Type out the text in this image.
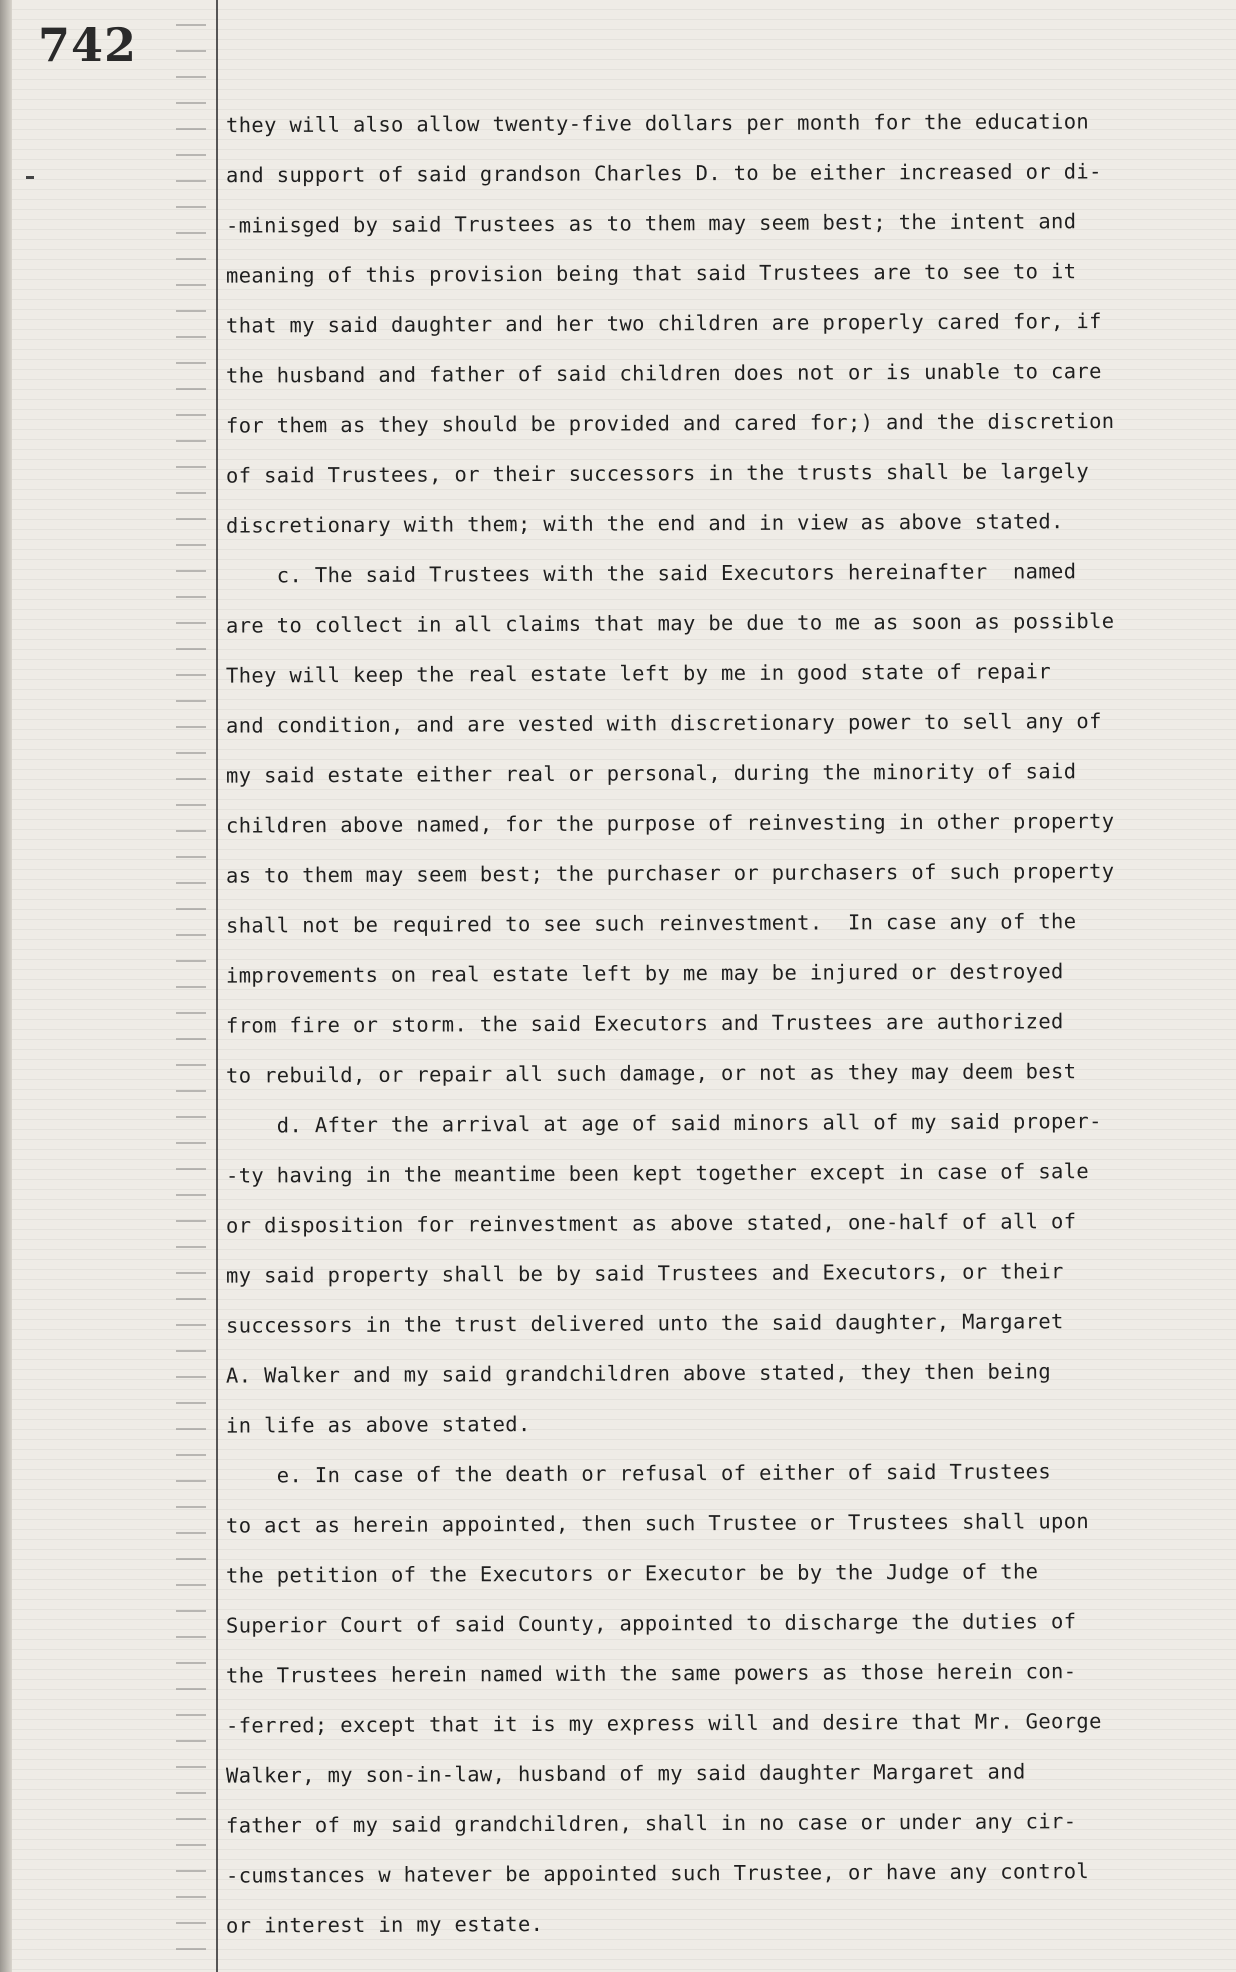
742
they will also allow twenty-five dollars per month for the education
and support of said grandson Charles D. to be either increased or di-
-minisged by said Trustees as to them may seem best; the intent and
meaning of this provision being that said Trustees are to see to it
that my said daughter and her two children are properly cared for, if
the husband and father of said children does not or is unable to care
for them as they should be provided and cared for;) and the discretion
of said Trustees, or their successors in the trusts shall be largely
discretionary with them; with the end and in view as above stated.
c. The said Trustees with the said Executors hereinafter  named
are to collect in all claims that may be due to me as soon as possible
They will keep the real estate left by me in good state of repair
and condition, and are vested with discretionary power to sell any of
my said estate either real or personal, during the minority of said
children above named, for the purpose of reinvesting in other property
as to them may seem best; the purchaser or purchasers of such property
shall not be required to see such reinvestment.  In case any of the
improvements on real estate left by me may be injured or destroyed
from fire or storm. the said Executors and Trustees are authorized
to rebuild, or repair all such damage, or not as they may deem best
d. After the arrival at age of said minors all of my said proper-
-ty having in the meantime been kept together except in case of sale
or disposition for reinvestment as above stated, one-half of all of
my said property shall be by said Trustees and Executors, or their
successors in the trust delivered unto the said daughter, Margaret
A. Walker and my said grandchildren above stated, they then being
in life as above stated.
e. In case of the death or refusal of either of said Trustees
to act as herein appointed, then such Trustee or Trustees shall upon
the petition of the Executors or Executor be by the Judge of the
Superior Court of said County, appointed to discharge the duties of
the Trustees herein named with the same powers as those herein con-
-ferred; except that it is my express will and desire that Mr. George
Walker, my son-in-law, husband of my said daughter Margaret and
father of my said grandchildren, shall in no case or under any cir-
-cumstances w hatever be appointed such Trustee, or have any control
or interest in my estate.
